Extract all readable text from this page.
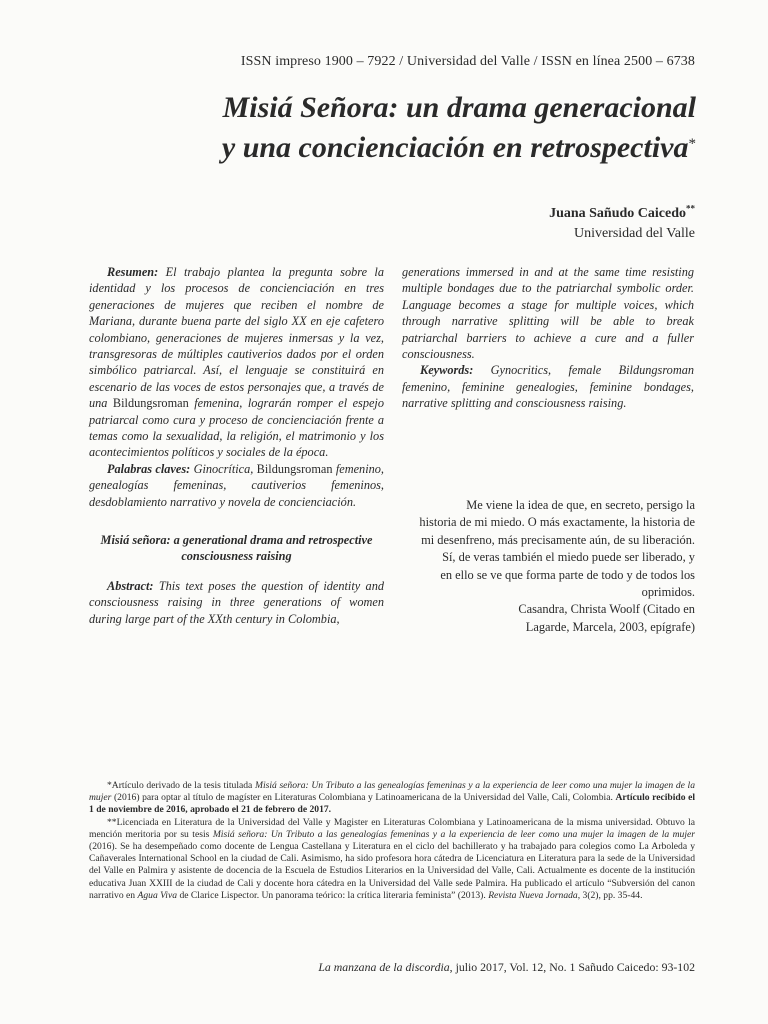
ISSN impreso 1900 – 7922 / Universidad del Valle / ISSN en línea 2500 – 6738
Misiá Señora: un drama generacional
y una concienciación en retrospectiva*
Juana Sañudo Caicedo**
Universidad del Valle

Resumen: El trabajo plantea la pregunta sobre la identidad y los procesos de concienciación en tres generaciones de mujeres que reciben el nombre de Mariana, durante buena parte del siglo XX en eje cafetero colombiano, generaciones de mujeres inmersas y la vez, transgresoras de múltiples cautiverios dados por el orden simbólico patriarcal. Así, el lenguaje se constituirá en escenario de las voces de estos personajes que, a través de una Bildungsroman femenina, lograrán romper el espejo patriarcal como cura y proceso de concienciación frente a temas como la sexualidad, la religión, el matrimonio y los acontecimientos políticos y sociales de la época.

Palabras claves: Ginocrítica, Bildungsroman femenino, genealogías femeninas, cautiverios femeninos, desdoblamiento narrativo y novela de concienciación.

Misiá señora: a generational drama and retrospective
consciousness raising

Abstract: This text poses the question of identity and consciousness raising in three generations of women during large part of the XXth century in Colombia,

generations immersed in and at the same time resisting multiple bondages due to the patriarchal symbolic order. Language becomes a stage for multiple voices, which through narrative splitting will be able to break patriarchal barriers to achieve a cure and a fuller consciousness.

Keywords: Gynocritics, female Bildungsroman femenino, feminine genealogies, feminine bondages, narrative splitting and consciousness raising.

Me viene la idea de que, en secreto, persigo la
historia de mi miedo. O más exactamente, la historia de
mi desenfreno, más precisamente aún, de su liberación.
Sí, de veras también el miedo puede ser liberado, y
en ello se ve que forma parte de todo y de todos los
oprimidos.
Casandra, Christa Woolf (Citado en
Lagarde, Marcela, 2003, epígrafe)

*Artículo derivado de la tesis titulada Misiá señora: Un Tributo a las genealogías femeninas y a la experiencia de leer como una mujer la imagen de la mujer (2016) para optar al título de magíster en Literaturas Colombiana y Latinoamericana de la Universidad del Valle, Cali, Colombia. Artículo recibido el 1 de noviembre de 2016, aprobado el 21 de febrero de 2017.

**Licenciada en Literatura de la Universidad del Valle y Magister en Literaturas Colombiana y Latinoamericana de la misma universidad. Obtuvo la mención meritoria por su tesis Misiá señora: Un Tributo a las genealogías femeninas y a la experiencia de leer como una mujer la imagen de la mujer (2016). Se ha desempeñado como docente de Lengua Castellana y Literatura en el ciclo del bachillerato y ha trabajado para colegios como La Arboleda y Cañaverales International School en la ciudad de Cali. Asimismo, ha sido profesora hora cátedra de Licenciatura en Literatura para la sede de la Universidad del Valle en Palmira y asistente de docencia de la Escuela de Estudios Literarios en la Universidad del Valle, Cali. Actualmente es docente de la institución educativa Juan XXIII de la ciudad de Cali y docente hora cátedra en la Universidad del Valle sede Palmira. Ha publicado el artículo “Subversión del canon narrativo en Agua Viva de Clarice Lispector. Un panorama teórico: la crítica literaria feminista” (2013). Revista Nueva Jornada, 3(2), pp. 35-44.

La manzana de la discordia, julio 2017, Vol. 12, No. 1 Sañudo Caicedo: 93-102
